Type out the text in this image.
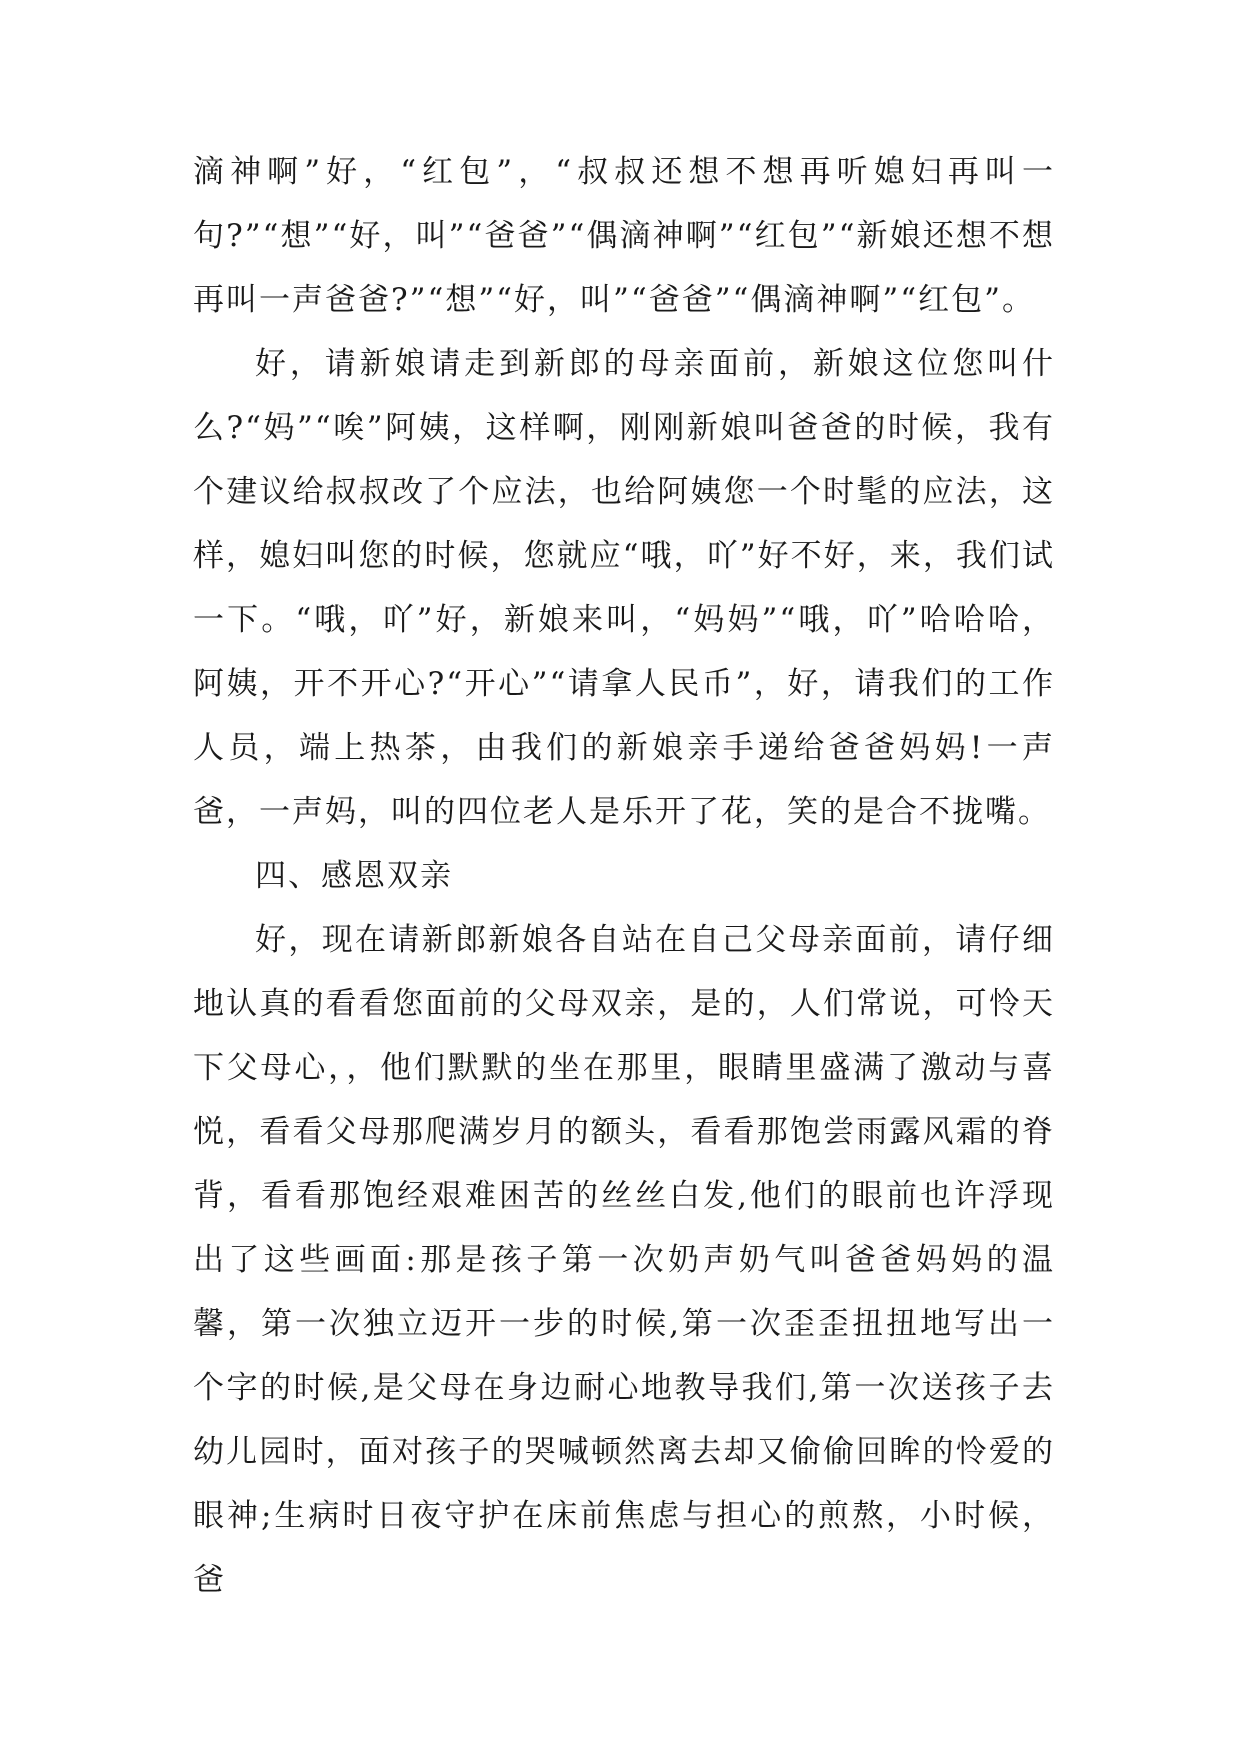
滴神啊”好，“红包”，“叔叔还想不想再听媳妇再叫一句?”“想”“好，叫”“爸爸”“偶滴神啊”“红包”“新娘还想不想再叫一声爸爸?”“想”“好，叫”“爸爸”“偶滴神啊”“红包”。

好，请新娘请走到新郎的母亲面前，新娘这位您叫什么?“妈”“唉”阿姨，这样啊，刚刚新娘叫爸爸的时候，我有个建议给叔叔改了个应法，也给阿姨您一个时髦的应法，这样，媳妇叫您的时候，您就应“哦，吖”好不好，来，我们试一下。“哦，吖”好，新娘来叫，“妈妈”“哦，吖”哈哈哈，阿姨，开不开心?“开心”“请拿人民币”，好，请我们的工作人员，端上热茶，由我们的新娘亲手递给爸爸妈妈!一声爸，一声妈，叫的四位老人是乐开了花，笑的是合不拢嘴。

四、感恩双亲

好，现在请新郎新娘各自站在自己父母亲面前，请仔细地认真的看看您面前的父母双亲，是的，人们常说，可怜天下父母心，，他们默默的坐在那里，眼睛里盛满了激动与喜悦，看看父母那爬满岁月的额头，看看那饱尝雨露风霜的脊背，看看那饱经艰难困苦的丝丝白发,他们的眼前也许浮现出了这些画面:那是孩子第一次奶声奶气叫爸爸妈妈的温馨，第一次独立迈开一步的时候,第一次歪歪扭扭地写出一个字的时候,是父母在身边耐心地教导我们,第一次送孩子去幼儿园时，面对孩子的哭喊顿然离去却又偷偷回眸的怜爱的眼神;生病时日夜守护在床前焦虑与担心的煎熬，小时候，爸
